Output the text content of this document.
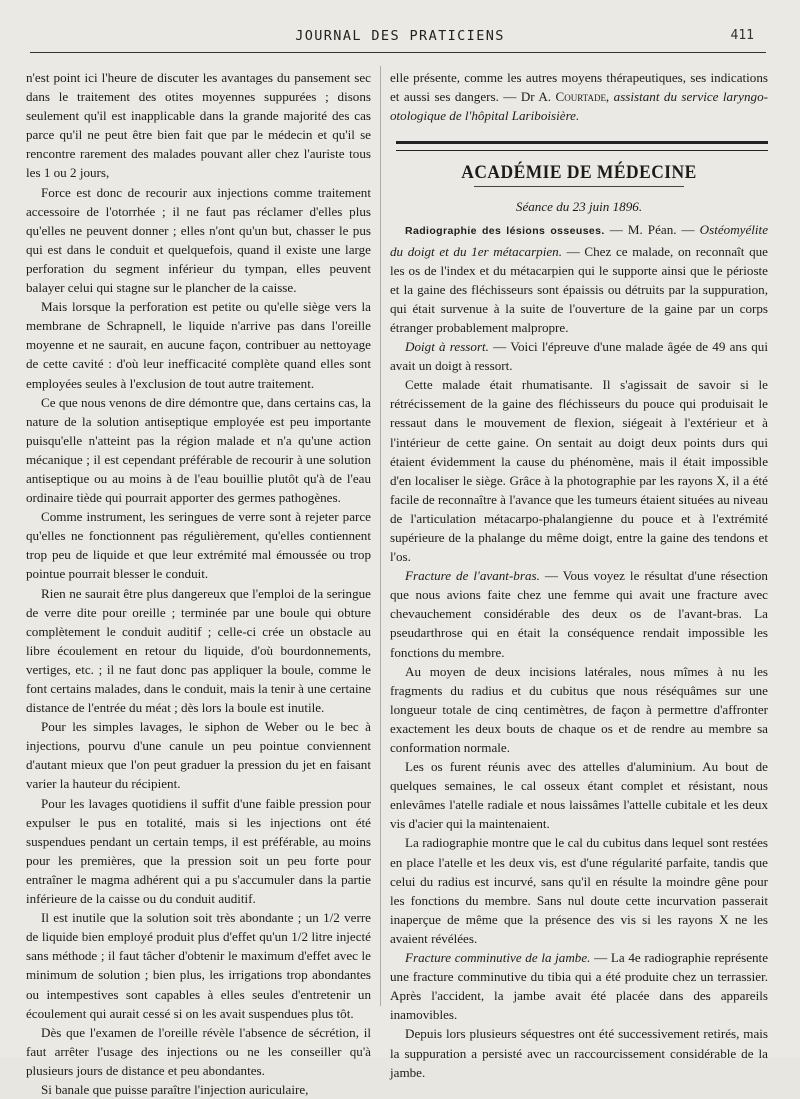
JOURNAL DES PRATICIENS	411

n'est point ici l'heure de discuter les avantages du pansement sec dans le traitement des otites moyennes suppurées ; disons seulement qu'il est inapplicable dans la grande majorité des cas parce qu'il ne peut être bien fait que par le médecin et qu'il se rencontre rarement des malades pouvant aller chez l'auriste tous les 1 ou 2 jours,

Force est donc de recourir aux injections comme traitement accessoire de l'otorrhée ; il ne faut pas réclamer d'elles plus qu'elles ne peuvent donner ; elles n'ont qu'un but, chasser le pus qui est dans le conduit et quelquefois, quand il existe une large perforation du segment inférieur du tympan, elles peuvent balayer celui qui stagne sur le plancher de la caisse.

Mais lorsque la perforation est petite ou qu'elle siège vers la membrane de Schrapnell, le liquide n'arrive pas dans l'oreille moyenne et ne saurait, en aucune façon, contribuer au nettoyage de cette cavité : d'où leur inefficacité complète quand elles sont employées seules à l'exclusion de tout autre traitement.

Ce que nous venons de dire démontre que, dans certains cas, la nature de la solution antiseptique employée est peu importante puisqu'elle n'atteint pas la région malade et n'a qu'une action mécanique ; il est cependant préférable de recourir à une solution antiseptique ou au moins à de l'eau bouillie plutôt qu'à de l'eau ordinaire tiède qui pourrait apporter des germes pathogènes.

Comme instrument, les seringues de verre sont à rejeter parce qu'elles ne fonctionnent pas régulièrement, qu'elles contiennent trop peu de liquide et que leur extrémité mal émoussée ou trop pointue pourrait blesser le conduit.

Rien ne saurait être plus dangereux que l'emploi de la seringue de verre dite pour oreille ; terminée par une boule qui obture complètement le conduit auditif ; celle-ci crée un obstacle au libre écoulement en retour du liquide, d'où bourdonnements, vertiges, etc. ; il ne faut donc pas appliquer la boule, comme le font certains malades, dans le conduit, mais la tenir à une certaine distance de l'entrée du méat ; dès lors la boule est inutile.

Pour les simples lavages, le siphon de Weber ou le bec à injections, pourvu d'une canule un peu pointue conviennent d'autant mieux que l'on peut graduer la pression du jet en faisant varier la hauteur du récipient.

Pour les lavages quotidiens il suffit d'une faible pression pour expulser le pus en totalité, mais si les injections ont été suspendues pendant un certain temps, il est préférable, au moins pour les premières, que la pression soit un peu forte pour entraîner le magma adhérent qui a pu s'accumuler dans la partie inférieure de la caisse ou du conduit auditif.

Il est inutile que la solution soit très abondante ; un 1/2 verre de liquide bien employé produit plus d'effet qu'un 1/2 litre injecté sans méthode ; il faut tâcher d'obtenir le maximum d'effet avec le minimum de solution ; bien plus, les irrigations trop abondantes ou intempestives sont capables à elles seules d'entretenir un écoulement qui aurait cessé si on les avait suspendues plus tôt.

Dès que l'examen de l'oreille révèle l'absence de sécrétion, il faut arrêter l'usage des injections ou ne les conseiller qu'à plusieurs jours de distance et peu abondantes.

Si banale que puisse paraître l'injection auriculaire,

elle présente, comme les autres moyens thérapeutiques, ses indications et aussi ses dangers. — Dr A. Courtade, assistant du service laryngo-otologique de l'hôpital Lariboisière.

ACADÉMIE DE MÉDECINE
Séance du 23 juin 1896.

Radiographie des lésions osseuses. — M. Péan. — Ostéomyélite du doigt et du 1er métacarpien. — Chez ce malade, on reconnaît que les os de l'index et du métacarpien qui le supporte ainsi que le périoste et la gaine des fléchisseurs sont épaissis ou détruits par la suppuration, qui était survenue à la suite de l'ouverture de la gaine par un corps étranger probablement malpropre.

Doigt à ressort. — Voici l'épreuve d'une malade âgée de 49 ans qui avait un doigt à ressort.

Cette malade était rhumatisante. Il s'agissait de savoir si le rétrécissement de la gaine des fléchisseurs du pouce qui produisait le ressaut dans le mouvement de flexion, siégeait à l'extérieur et à l'intérieur de cette gaine. On sentait au doigt deux points durs qui étaient évidemment la cause du phénomène, mais il était impossible d'en localiser le siège. Grâce à la photographie par les rayons X, il a été facile de reconnaître à l'avance que les tumeurs étaient situées au niveau de l'articulation métacarpo-phalangienne du pouce et à l'extrémité supérieure de la phalange du même doigt, entre la gaine des tendons et l'os.

Fracture de l'avant-bras. — Vous voyez le résultat d'une résection que nous avions faite chez une femme qui avait une fracture avec chevauchement considérable des deux os de l'avant-bras. La pseudarthrose qui en était la conséquence rendait impossible les fonctions du membre.

Au moyen de deux incisions latérales, nous mîmes à nu les fragments du radius et du cubitus que nous réséquâmes sur une longueur totale de cinq centimètres, de façon à permettre d'affronter exactement les deux bouts de chaque os et de rendre au membre sa conformation normale.

Les os furent réunis avec des attelles d'aluminium. Au bout de quelques semaines, le cal osseux étant complet et résistant, nous enlevâmes l'atelle radiale et nous laissâmes l'attelle cubitale et les deux vis d'acier qui la maintenaient.

La radiographie montre que le cal du cubitus dans lequel sont restées en place l'atelle et les deux vis, est d'une régularité parfaite, tandis que celui du radius est incurvé, sans qu'il en résulte la moindre gêne pour les fonctions du membre. Sans nul doute cette incurvation passerait inaperçue de même que la présence des vis si les rayons X ne les avaient révélées.

Fracture comminutive de la jambe. — La 4e radiographie représente une fracture comminutive du tibia qui a été produite chez un terrassier. Après l'accident, la jambe avait été placée dans des appareils inamovibles.

Depuis lors plusieurs séquestres ont été successivement retirés, mais la suppuration a persisté avec un raccourcissement considérable de la jambe.
